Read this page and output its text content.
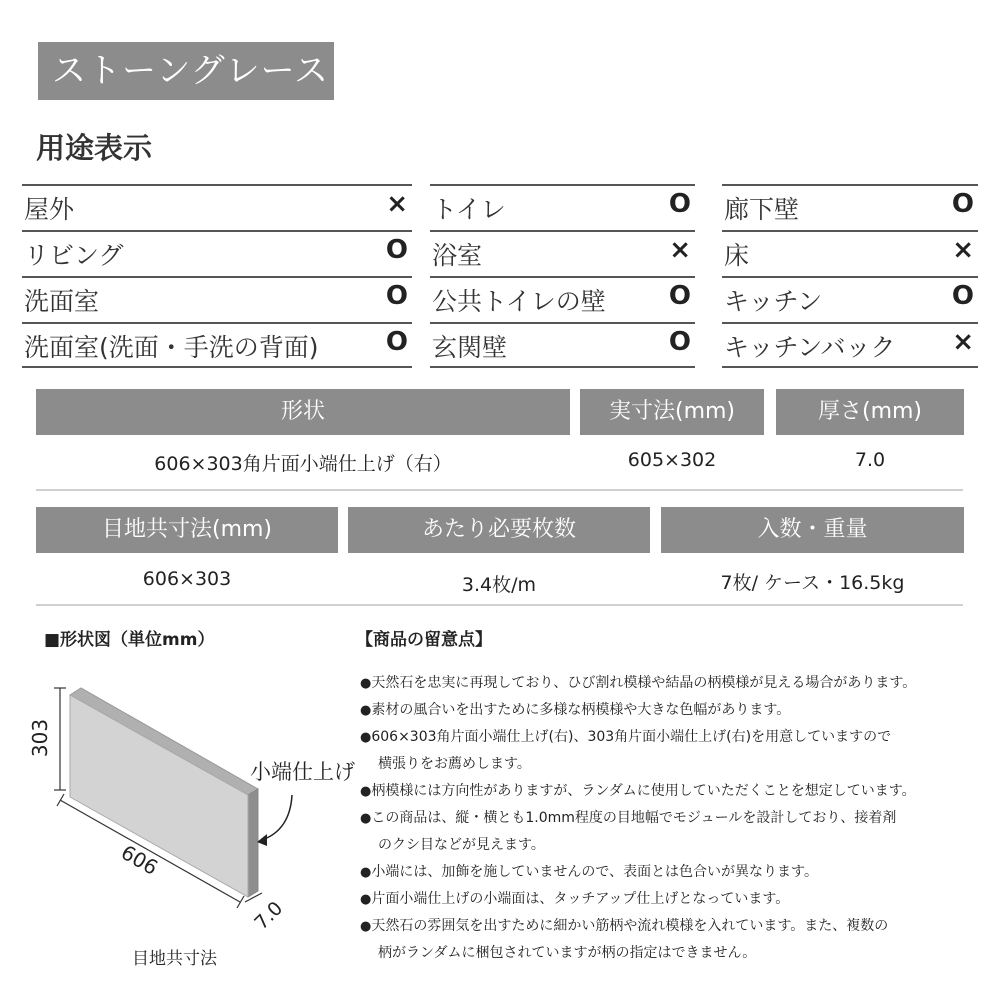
ストーングレース
用途表示
屋外	×
リビング	O
洗面室	O
洗面室(洗面・手洗の背面)	O
トイレ	O
浴室	×
公共トイレの壁 O
玄関壁	O
廊下壁	O
床	×
キッチン	O
キッチンバック ×
形状	実寸法(mm)	厚さ(mm)
606×303角片面小端仕上げ（右）	605×302	7.0
目地共寸法(mm)	あたり必要枚数	入数・重量
606×303	3.4枚/m	7枚/ ケース・16.5kg
■形状図（単位mm）
303
606
7.0
小端仕上げ
目地共寸法
【商品の留意点】
●天然石を忠実に再現しており、ひび割れ模様や結晶の柄模様が見える場合があります。
●素材の風合いを出すために多様な柄模様や大きな色幅があります。
●606×303角片面小端仕上げ(右)、303角片面小端仕上げ(右)を用意していますので
横張りをお薦めします。
●柄模様には方向性がありますが、ランダムに使用していただくことを想定しています。
●この商品は、縦・横とも1.0mm程度の目地幅でモジュールを設計しており、接着剤
のクシ目などが見えます。
●小端には、加飾を施していませんので、表面とは色合いが異なります。
●片面小端仕上げの小端面は、タッチアップ仕上げとなっています。
●天然石の雰囲気を出すために細かい筋柄や流れ模様を入れています。また、複数の
柄がランダムに梱包されていますが柄の指定はできません。
